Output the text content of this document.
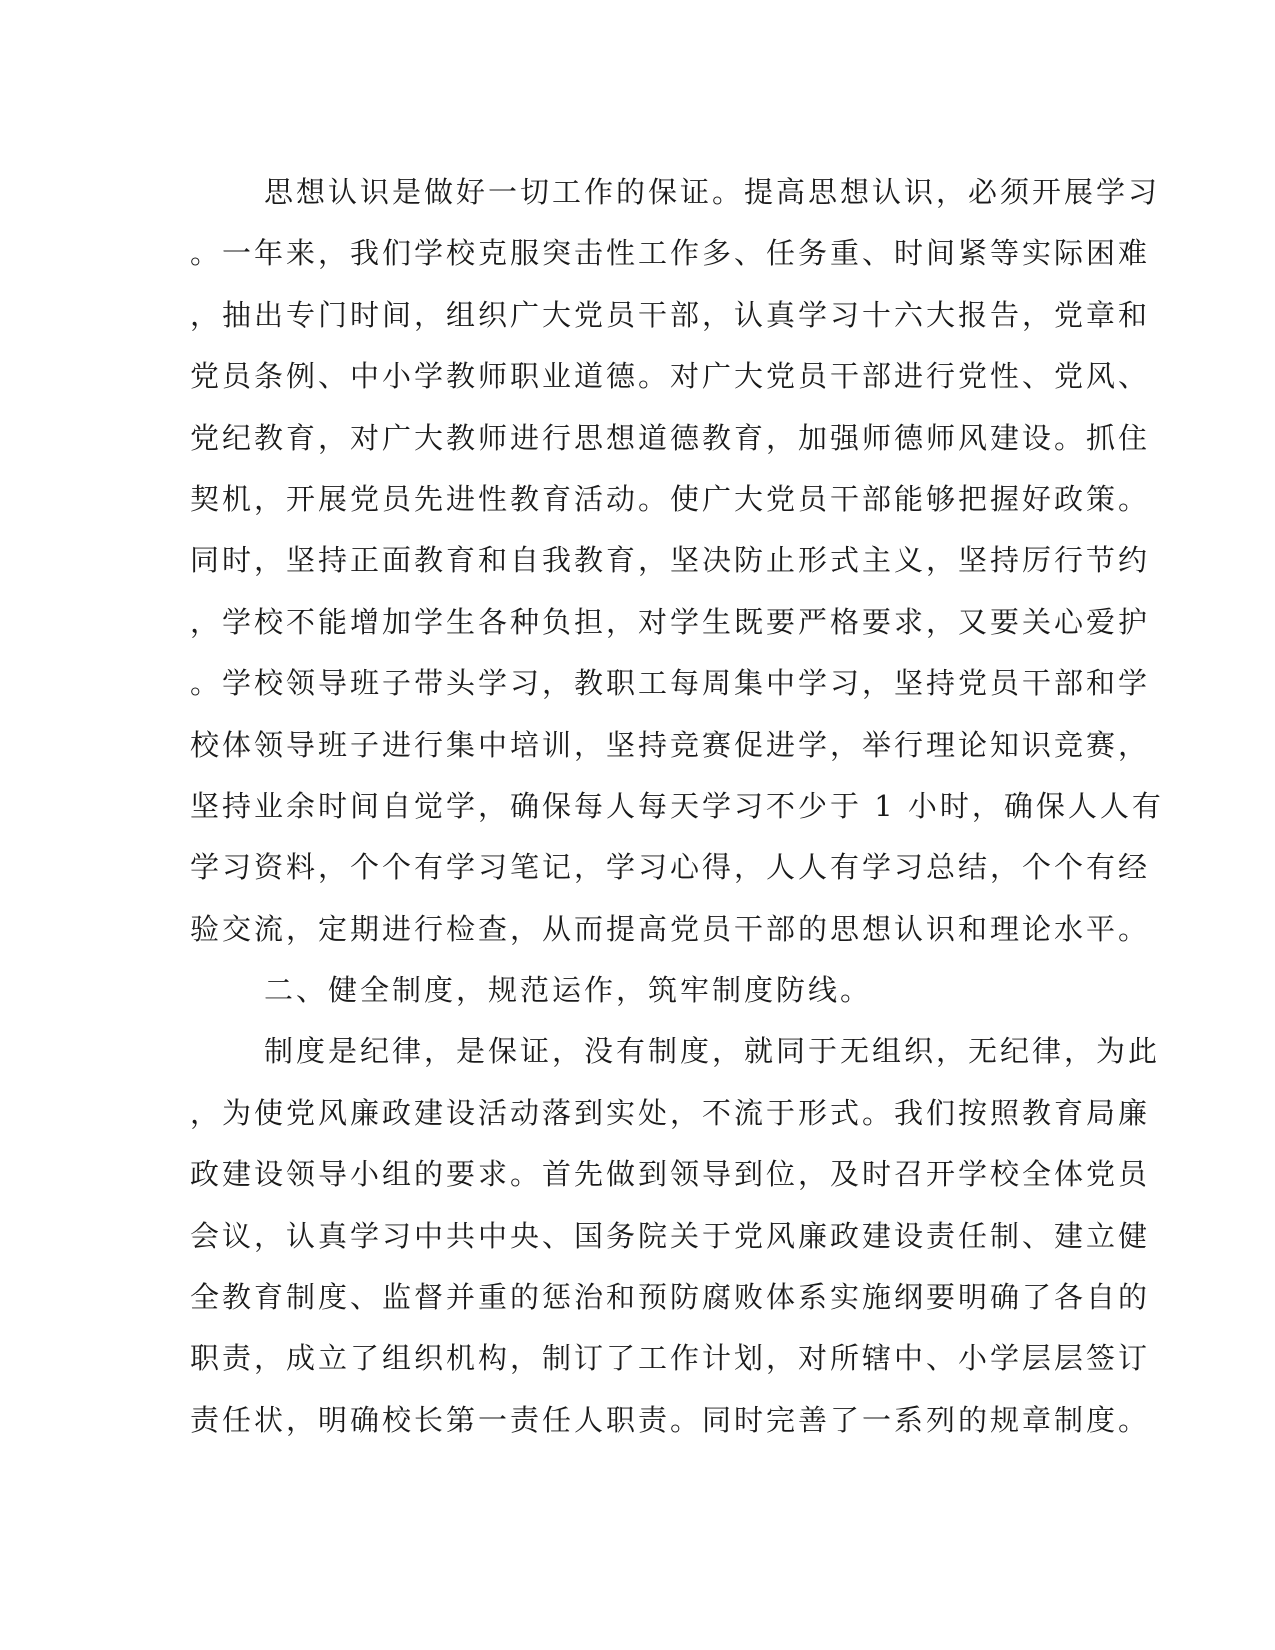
思想认识是做好一切工作的保证。提高思想认识，必须开展学习
。一年来，我们学校克服突击性工作多、任务重、时间紧等实际困难
，抽出专门时间，组织广大党员干部，认真学习十六大报告，党章和
党员条例、中小学教师职业道德。对广大党员干部进行党性、党风、
党纪教育，对广大教师进行思想道德教育，加强师德师风建设。抓住
契机，开展党员先进性教育活动。使广大党员干部能够把握好政策。
同时，坚持正面教育和自我教育，坚决防止形式主义，坚持厉行节约
，学校不能增加学生各种负担，对学生既要严格要求，又要关心爱护
。学校领导班子带头学习，教职工每周集中学习，坚持党员干部和学
校体领导班子进行集中培训，坚持竞赛促进学，举行理论知识竞赛，
坚持业余时间自觉学，确保每人每天学习不少于 1 小时，确保人人有
学习资料，个个有学习笔记，学习心得，人人有学习总结，个个有经
验交流，定期进行检查，从而提高党员干部的思想认识和理论水平。
二、健全制度，规范运作，筑牢制度防线。
制度是纪律，是保证，没有制度，就同于无组织，无纪律，为此
，为使党风廉政建设活动落到实处，不流于形式。我们按照教育局廉
政建设领导小组的要求。首先做到领导到位，及时召开学校全体党员
会议，认真学习中共中央、国务院关于党风廉政建设责任制、建立健
全教育制度、监督并重的惩治和预防腐败体系实施纲要明确了各自的
职责，成立了组织机构，制订了工作计划，对所辖中、小学层层签订
责任状，明确校长第一责任人职责。同时完善了一系列的规章制度。
